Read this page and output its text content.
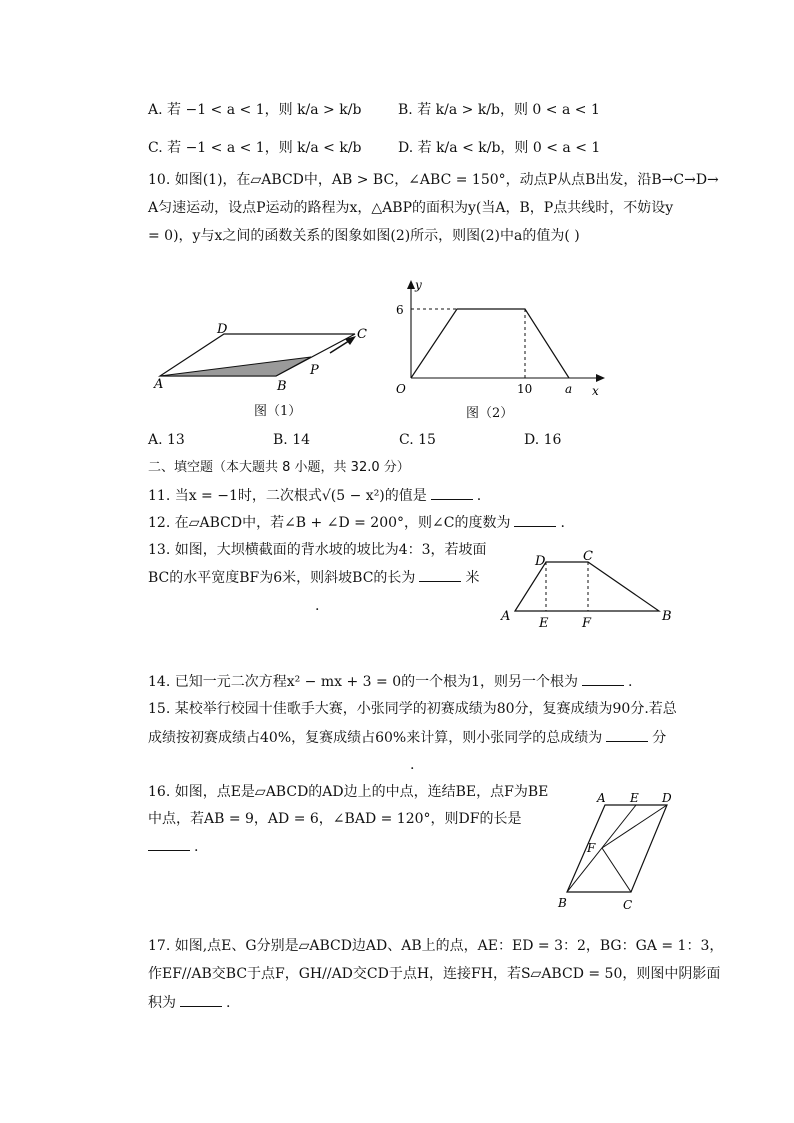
A. 若 −1 < a < 1，则 k/a > k/b	B. 若 k/a > k/b，则 0 < a < 1
C. 若 −1 < a < 1，则 k/a < k/b	D. 若 k/a < k/b，则 0 < a < 1
10. 如图(1)，在▱ABCD中，AB > BC，∠ABC = 150°，动点P从点B出发，沿B→C→D→
A匀速运动，设点P运动的路程为x，△ABP的面积为y(当A，B，P点共线时，不妨设y
= 0)，y与x之间的函数关系的图象如图(2)所示，则图(2)中a的值为( )
A	B
C
D
P
图（1）
y
x
O
6
10	a
图（2）
A. 13	B. 14	C. 15	D. 16
二、填空题（本大题共 8 小题，共 32.0 分）
11. 当x = −1时，二次根式√(5 − x²)的值是	.
12. 在▱ABCD中，若∠B + ∠D = 200°，则∠C的度数为	.
13. 如图，大坝横截面的背水坡的坡比为4：3，若坡面
BC的水平宽度BF为6米，则斜坡BC的长为	米
.
A	B
C
D
E	F
14. 已知一元二次方程x² − mx + 3 = 0的一个根为1，则另一个根为	.
15. 某校举行校园十佳歌手大赛，小张同学的初赛成绩为80分，复赛成绩为90分.若总
成绩按初赛成绩占40%，复赛成绩占60%来计算，则小张同学的总成绩为	分
.
16. 如图，点E是▱ABCD的AD边上的中点，连结BE，点F为BE
中点，若AB = 9，AD = 6，∠BAD = 120°，则DF的长是
.
A E D
F
B	C
17. 如图,点E、G分别是▱ABCD边AD、AB上的点，AE：ED = 3：2，BG：GA = 1：3，
作EF//AB交BC于点F，GH//AD交CD于点H，连接FH，若S▱ABCD = 50，则图中阴影面
积为	.
